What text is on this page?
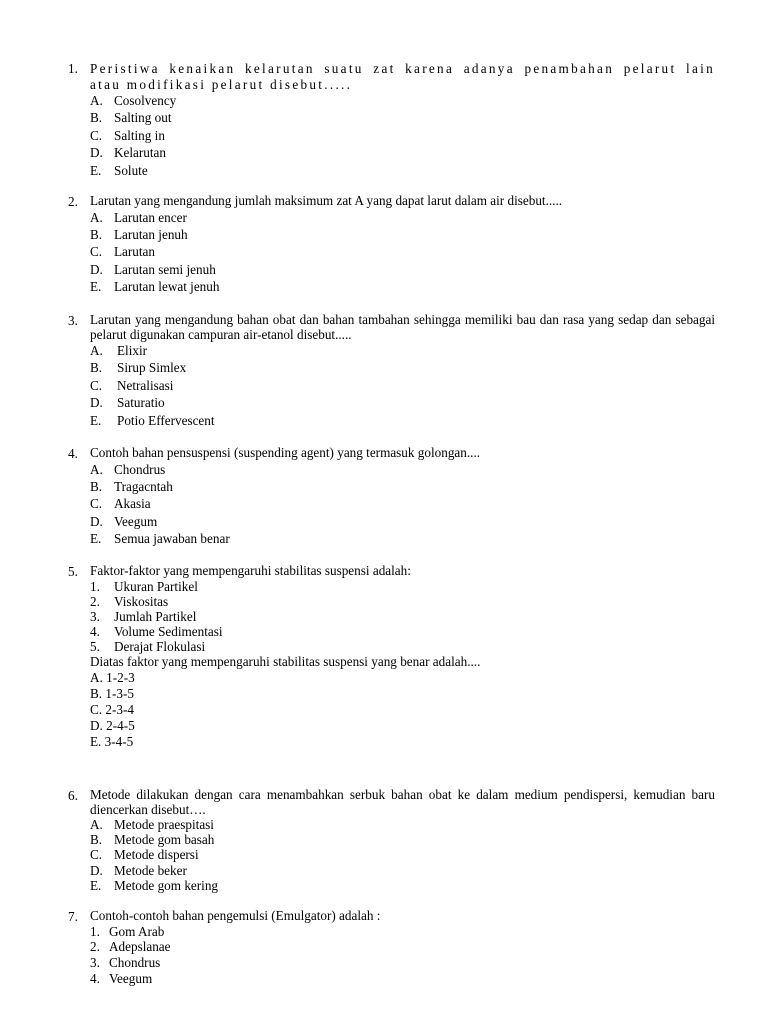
1. Peristiwa kenaikan kelarutan suatu zat karena adanya penambahan pelarut lain atau modifikasi pelarut disebut.....
A. Cosolvency
B. Salting out
C. Salting in
D. Kelarutan
E. Solute
2. Larutan yang mengandung jumlah maksimum zat A yang dapat larut dalam air disebut.....
A. Larutan encer
B. Larutan jenuh
C. Larutan
D. Larutan semi jenuh
E. Larutan lewat jenuh
3. Larutan yang mengandung bahan obat dan bahan tambahan sehingga memiliki bau dan rasa yang sedap dan sebagai pelarut digunakan campuran air-etanol disebut.....
A. Elixir
B. Sirup Simlex
C. Netralisasi
D. Saturatio
E. Potio Effervescent
4. Contoh bahan pensuspensi (suspending agent) yang termasuk golongan....
A. Chondrus
B. Tragacntah
C. Akasia
D. Veegum
E. Semua jawaban benar
5. Faktor-faktor yang mempengaruhi stabilitas suspensi adalah:
1. Ukuran Partikel
2. Viskositas
3. Jumlah Partikel
4. Volume Sedimentasi
5. Derajat Flokulasi
Diatas faktor yang mempengaruhi stabilitas suspensi yang benar adalah....
A. 1-2-3
B. 1-3-5
C. 2-3-4
D. 2-4-5
E. 3-4-5
6. Metode dilakukan dengan cara menambahkan serbuk bahan obat ke dalam medium pendispersi, kemudian baru diencerkan disebut….
A. Metode praespitasi
B. Metode gom basah
C. Metode dispersi
D. Metode beker
E. Metode gom kering
7. Contoh-contoh bahan pengemulsi (Emulgator) adalah :
1. Gom Arab
2. Adepslanae
3. Chondrus
4. Veegum
